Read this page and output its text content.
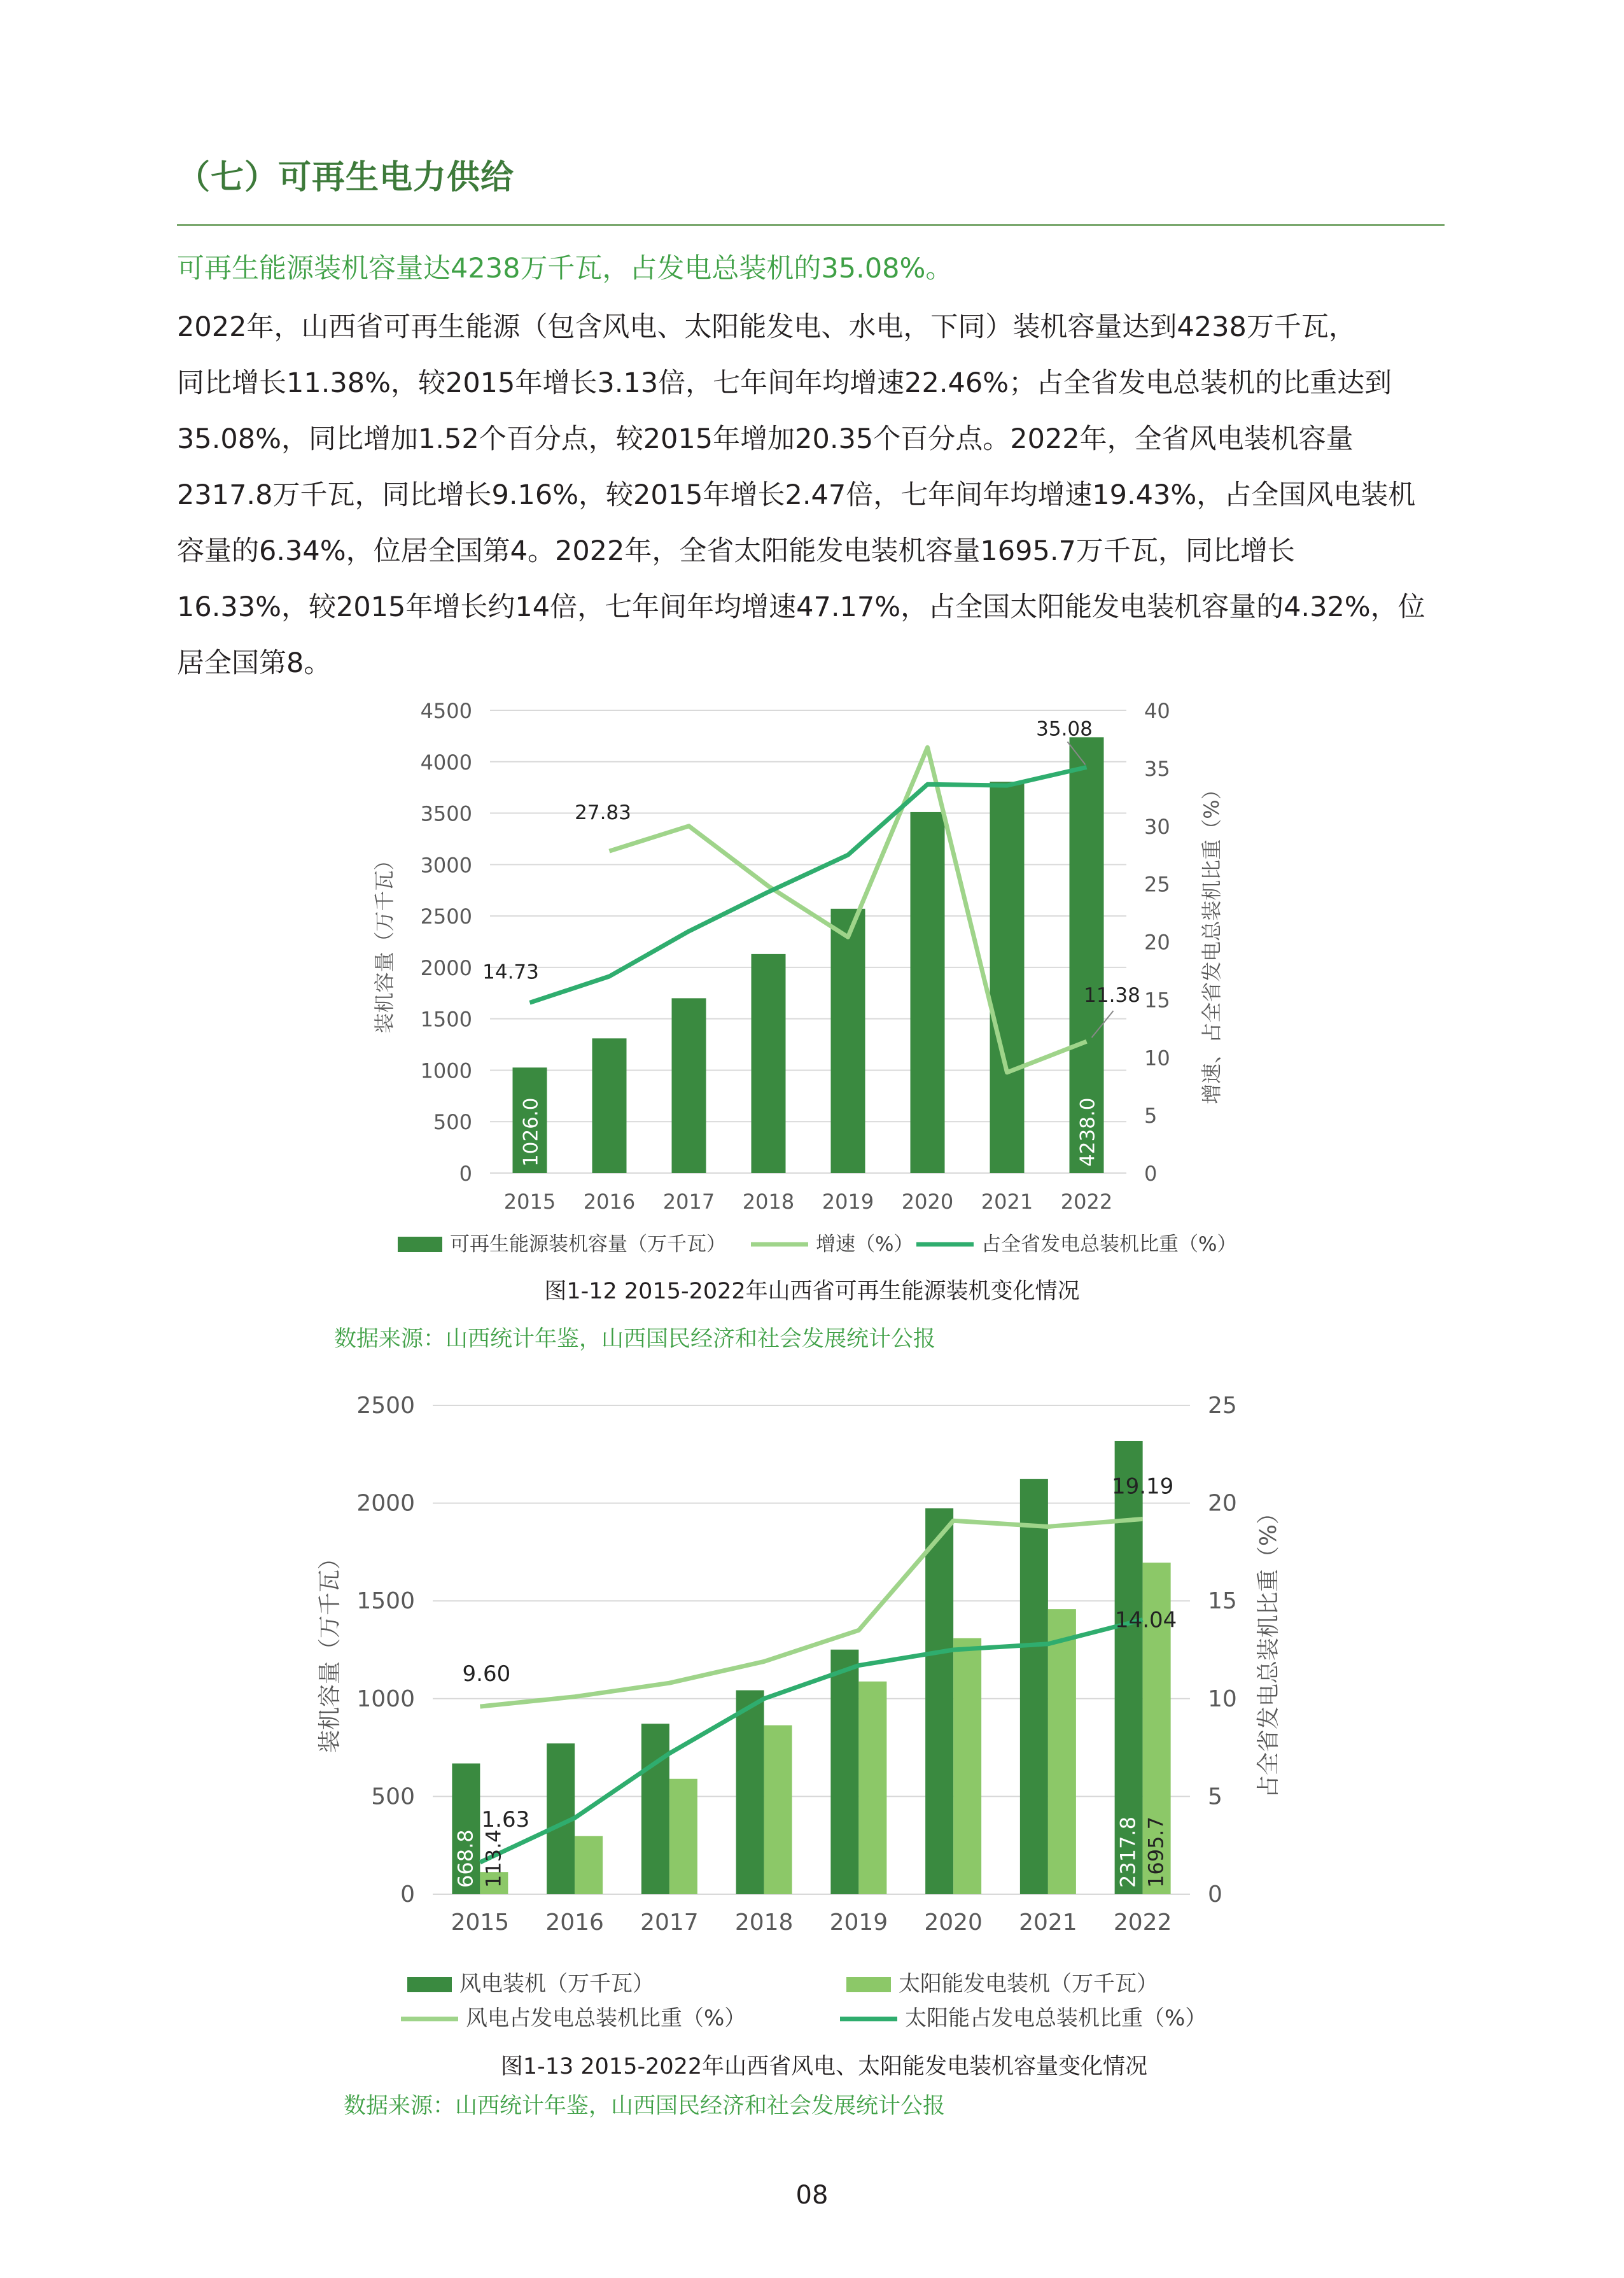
（七）可再生电力供给
可再生能源装机容量达4238万千瓦，占发电总装机的35.08%。
2022年，山西省可再生能源（包含风电、太阳能发电、水电，下同）装机容量达到4238万千瓦，
同比增长11.38%，较2015年增长3.13倍，七年间年均增速22.46%；占全省发电总装机的比重达到
35.08%，同比增加1.52个百分点，较2015年增加20.35个百分点。2022年，全省风电装机容量
2317.8万千瓦，同比增长9.16%，较2015年增长2.47倍，七年间年均增速19.43%，占全国风电装机
容量的6.34%，位居全国第4。2022年，全省太阳能发电装机容量1695.7万千瓦，同比增长
16.33%，较2015年增长约14倍，七年间年均增速47.17%，占全国太阳能发电装机容量的4.32%，位
居全国第8。
0
500
1000
1500
2000
2500
3000
3500
4000
4500
0
5
10
15
20
25
30
35
40
2015 2016 2017 2018 2019 2020 2021 2022
装机容量（万千瓦）	增速、占全省发电总装机比重（%）
1026.0	4238.0
27.83
14.73
35.08
11.38
可再生能源装机容量（万千瓦）	增速（%）	占全省发电总装机比重（%）
图1-12 2015-2022年山西省可再生能源装机变化情况
数据来源：山西统计年鉴，山西国民经济和社会发展统计公报
0
500
1000
1500
2000
2500
0
5
10
15
20
25
2015 2016 2017 2018 2019 2020 2021 2022
装机容量（万千瓦）	占全省发电总装机比重（%）
668.8 113.4	2317.8 1695.7
9.60
1.63
19.19
14.04
风电装机（万千瓦）	太阳能发电装机（万千瓦）
风电占发电总装机比重（%）	太阳能占发电总装机比重（%）
图1-13 2015-2022年山西省风电、太阳能发电装机容量变化情况
数据来源：山西统计年鉴，山西国民经济和社会发展统计公报
08
